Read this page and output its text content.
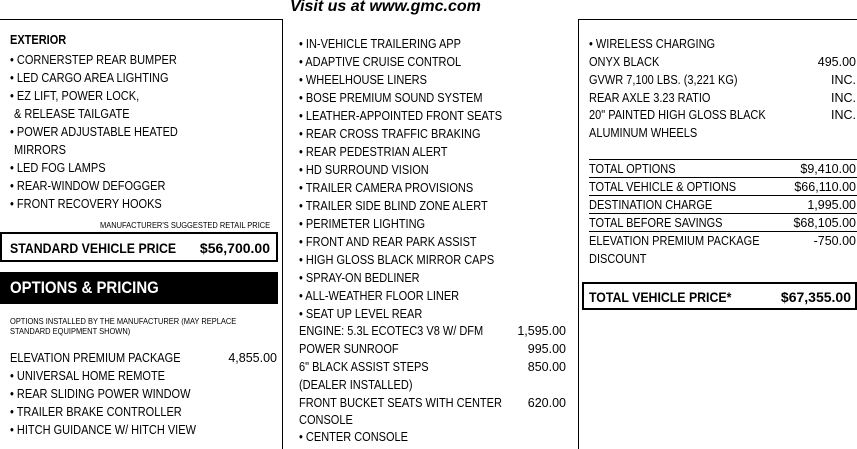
Visit us at www.gmc.com
EXTERIOR
• CORNERSTEP REAR BUMPER
• LED CARGO AREA LIGHTING
• EZ LIFT, POWER LOCK,
& RELEASE TAILGATE
• POWER ADJUSTABLE HEATED
MIRRORS
• LED FOG LAMPS
• REAR-WINDOW DEFOGGER
• FRONT RECOVERY HOOKS
MANUFACTURER'S SUGGESTED RETAIL PRICE
STANDARD VEHICLE PRICE	$56,700.00
OPTIONS & PRICING
OPTIONS INSTALLED BY THE MANUFACTURER (MAY REPLACE
STANDARD EQUIPMENT SHOWN)
ELEVATION PREMIUM PACKAGE	4,855.00
• UNIVERSAL HOME REMOTE
• REAR SLIDING POWER WINDOW
• TRAILER BRAKE CONTROLLER
• HITCH GUIDANCE W/ HITCH VIEW
• IN-VEHICLE TRAILERING APP
• ADAPTIVE CRUISE CONTROL
• WHEELHOUSE LINERS
• BOSE PREMIUM SOUND SYSTEM
• LEATHER-APPOINTED FRONT SEATS
• REAR CROSS TRAFFIC BRAKING
• REAR PEDESTRIAN ALERT
• HD SURROUND VISION
• TRAILER CAMERA PROVISIONS
• TRAILER SIDE BLIND ZONE ALERT
• PERIMETER LIGHTING
• FRONT AND REAR PARK ASSIST
• HIGH GLOSS BLACK MIRROR CAPS
• SPRAY-ON BEDLINER
• ALL-WEATHER FLOOR LINER
• SEAT UP LEVEL REAR
ENGINE: 5.3L ECOTEC3 V8 W/ DFM	1,595.00
POWER SUNROOF	995.00
6" BLACK ASSIST STEPS	850.00
(DEALER INSTALLED)
FRONT BUCKET SEATS WITH CENTER	620.00
CONSOLE
• CENTER CONSOLE
• WIRELESS CHARGING
ONYX BLACK	495.00
GVWR 7,100 LBS. (3,221 KG)	INC.
REAR AXLE 3.23 RATIO	INC.
20" PAINTED HIGH GLOSS BLACK	INC.
ALUMINUM WHEELS
TOTAL OPTIONS	$9,410.00
TOTAL VEHICLE & OPTIONS	$66,110.00
DESTINATION CHARGE	1,995.00
TOTAL BEFORE SAVINGS	$68,105.00
ELEVATION PREMIUM PACKAGE	-750.00
DISCOUNT
TOTAL VEHICLE PRICE*	$67,355.00
